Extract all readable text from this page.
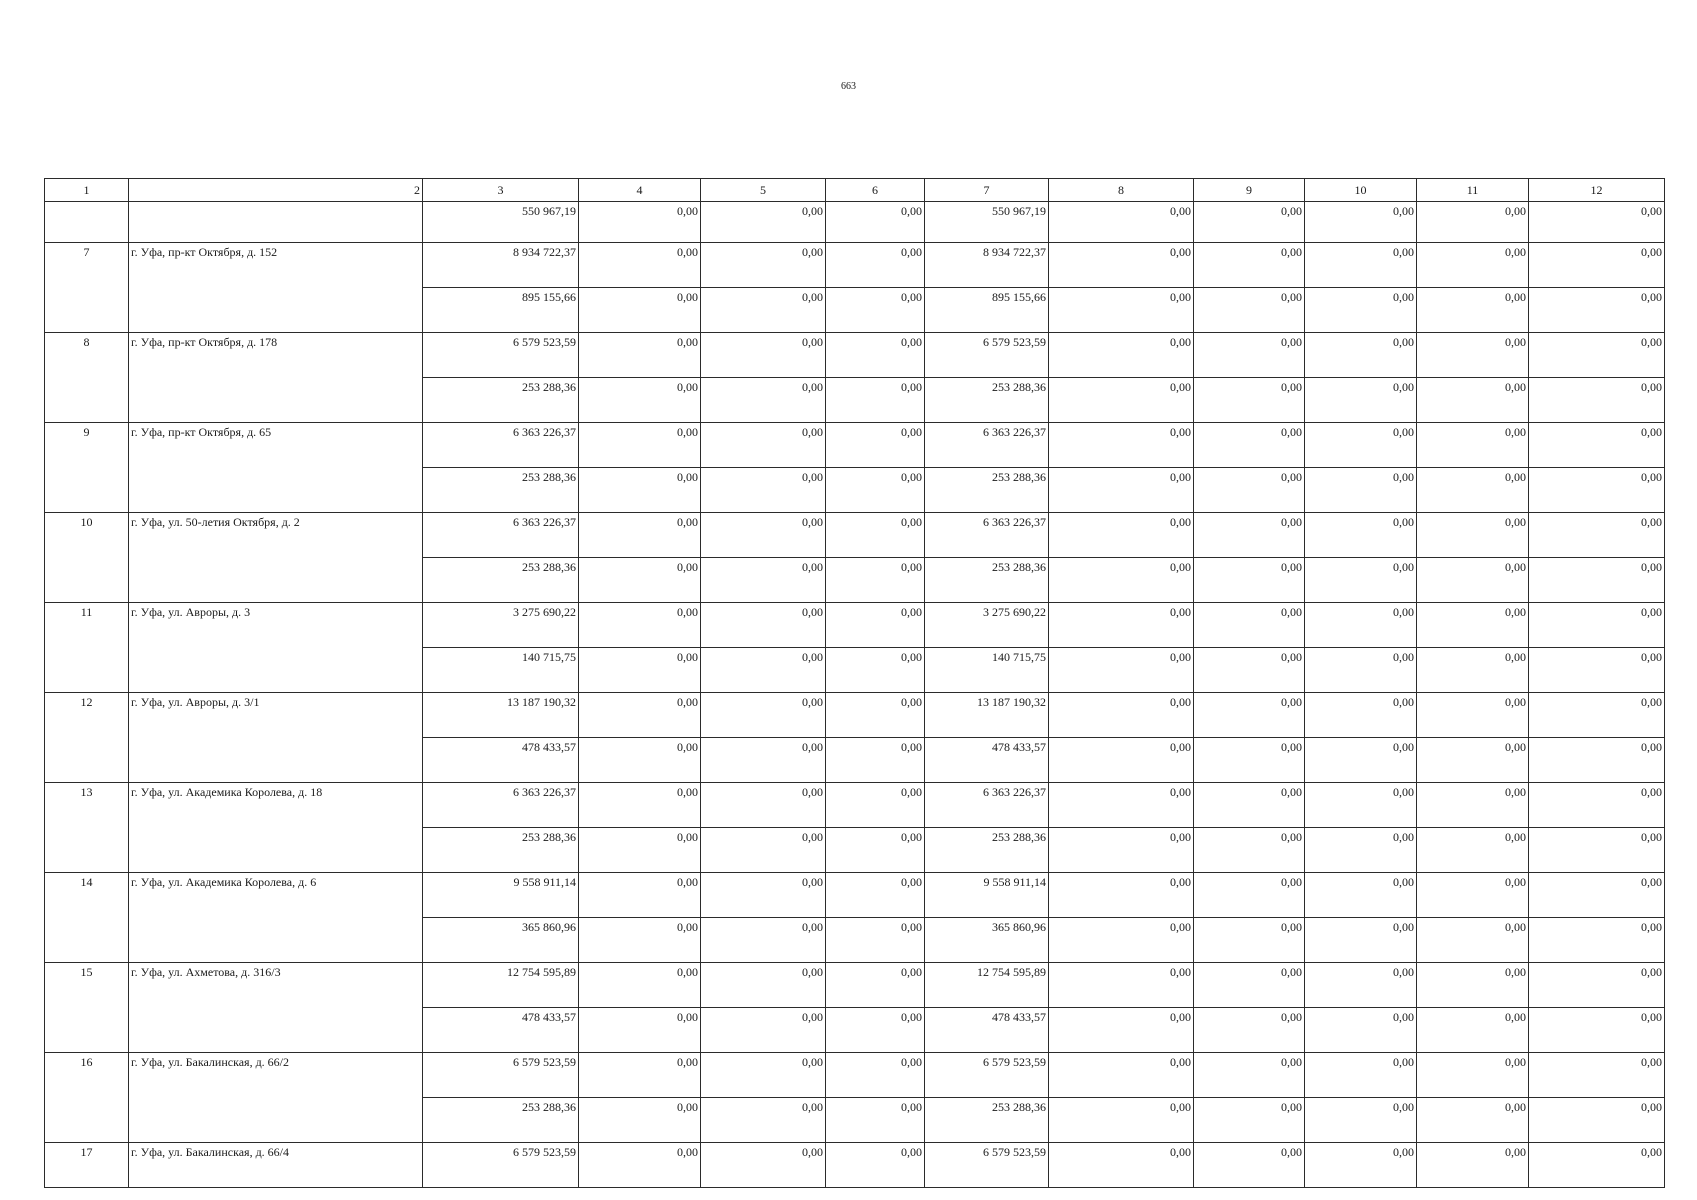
663
1	2	3	4	5	6	7	8	9	10	11	12
		550 967,19	0,00	0,00	0,00	550 967,19	0,00	0,00	0,00	0,00	0,00
7	г. Уфа, пр-кт Октября, д. 152	8 934 722,37	0,00	0,00	0,00	8 934 722,37	0,00	0,00	0,00	0,00	0,00
		895 155,66	0,00	0,00	0,00	895 155,66	0,00	0,00	0,00	0,00	0,00
8	г. Уфа, пр-кт Октября, д. 178	6 579 523,59	0,00	0,00	0,00	6 579 523,59	0,00	0,00	0,00	0,00	0,00
		253 288,36	0,00	0,00	0,00	253 288,36	0,00	0,00	0,00	0,00	0,00
9	г. Уфа, пр-кт Октября, д. 65	6 363 226,37	0,00	0,00	0,00	6 363 226,37	0,00	0,00	0,00	0,00	0,00
		253 288,36	0,00	0,00	0,00	253 288,36	0,00	0,00	0,00	0,00	0,00
10	г. Уфа, ул. 50-летия Октября, д. 2	6 363 226,37	0,00	0,00	0,00	6 363 226,37	0,00	0,00	0,00	0,00	0,00
		253 288,36	0,00	0,00	0,00	253 288,36	0,00	0,00	0,00	0,00	0,00
11	г. Уфа, ул. Авроры, д. 3	3 275 690,22	0,00	0,00	0,00	3 275 690,22	0,00	0,00	0,00	0,00	0,00
		140 715,75	0,00	0,00	0,00	140 715,75	0,00	0,00	0,00	0,00	0,00
12	г. Уфа, ул. Авроры, д. 3/1	13 187 190,32	0,00	0,00	0,00	13 187 190,32	0,00	0,00	0,00	0,00	0,00
		478 433,57	0,00	0,00	0,00	478 433,57	0,00	0,00	0,00	0,00	0,00
13	г. Уфа, ул. Академика Королева, д. 18	6 363 226,37	0,00	0,00	0,00	6 363 226,37	0,00	0,00	0,00	0,00	0,00
		253 288,36	0,00	0,00	0,00	253 288,36	0,00	0,00	0,00	0,00	0,00
14	г. Уфа, ул. Академика Королева, д. 6	9 558 911,14	0,00	0,00	0,00	9 558 911,14	0,00	0,00	0,00	0,00	0,00
		365 860,96	0,00	0,00	0,00	365 860,96	0,00	0,00	0,00	0,00	0,00
15	г. Уфа, ул. Ахметова, д. 316/3	12 754 595,89	0,00	0,00	0,00	12 754 595,89	0,00	0,00	0,00	0,00	0,00
		478 433,57	0,00	0,00	0,00	478 433,57	0,00	0,00	0,00	0,00	0,00
16	г. Уфа, ул. Бакалинская, д. 66/2	6 579 523,59	0,00	0,00	0,00	6 579 523,59	0,00	0,00	0,00	0,00	0,00
		253 288,36	0,00	0,00	0,00	253 288,36	0,00	0,00	0,00	0,00	0,00
17	г. Уфа, ул. Бакалинская, д. 66/4	6 579 523,59	0,00	0,00	0,00	6 579 523,59	0,00	0,00	0,00	0,00	0,00
